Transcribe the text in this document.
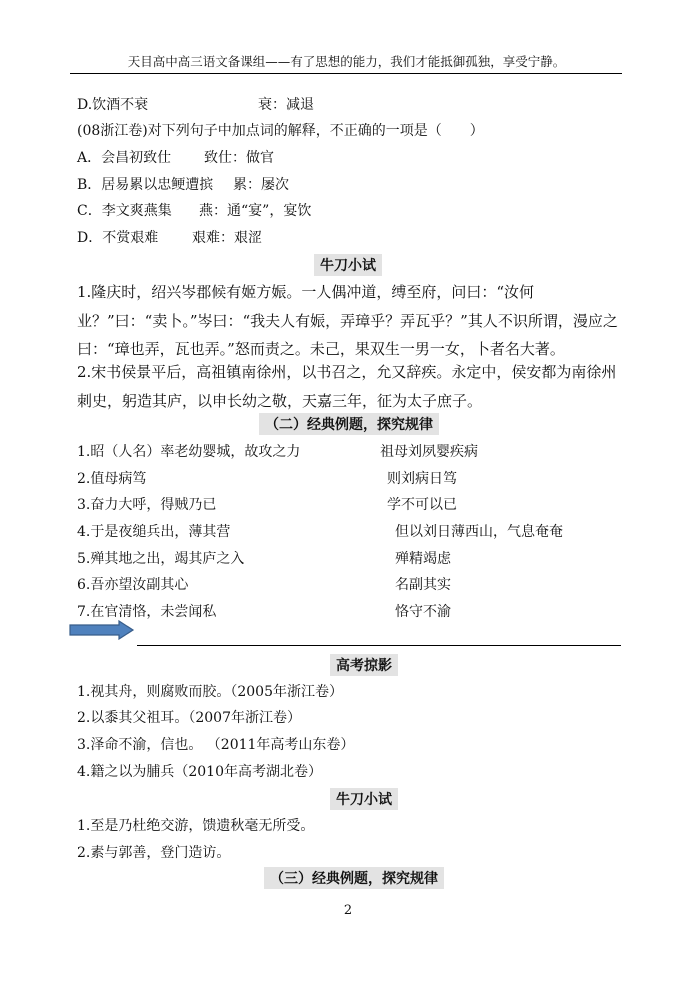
天目高中高三语文备课组——有了思想的能力，我们才能抵御孤独，享受宁静。
D.饮酒不衰	衰：减退
(08浙江卷)对下列句子中加点词的解释，不正确的一项是（　　）
A．会昌初致仕 致仕：做官
B．居易累以忠鲠遭摈 累：屡次
C．李文爽燕集 燕：通“宴”，宴饮
D．不赏艰难 艰难：艰涩
牛刀小试
1.隆庆时，绍兴岑郡候有姬方娠。一人偶冲道，缚至府，问曰：“汝何业？”曰：“卖卜。”岑曰：“我夫人有娠，弄璋乎？弄瓦乎？”其人不识所谓，漫应之曰：“璋也弄，瓦也弄。”怒而责之。未己，果双生一男一女，卜者名大著。
2.宋书侯景平后，高祖镇南徐州，以书召之，允又辞疾。永定中，侯安都为南徐州刺史，躬造其庐，以申长幼之敬，天嘉三年，征为太子庶子。
（二）经典例题，探究规律
1.昭（人名）率老幼婴城，故攻之力	祖母刘夙婴疾病
2.值母病笃	则刘病日笃
3.奋力大呼，得贼乃已	学不可以已
4.于是夜缒兵出，薄其营	但以刘日薄西山，气息奄奄
5.殚其地之出，竭其庐之入	殚精竭虑
6.吾亦望汝副其心	名副其实
7.在官清恪，未尝闻私	恪守不渝
高考掠影
1.视其舟，则腐败而胶。（2005年浙江卷）
2.以黍其父祖耳。（2007年浙江卷）
3.泽命不渝，信也。 （2011年高考山东卷）
4.籍之以为脯兵（2010年高考湖北卷）
牛刀小试
1.至是乃杜绝交游，馈遗秋毫无所受。
2.素与郭善，登门造访。
（三）经典例题，探究规律
2
